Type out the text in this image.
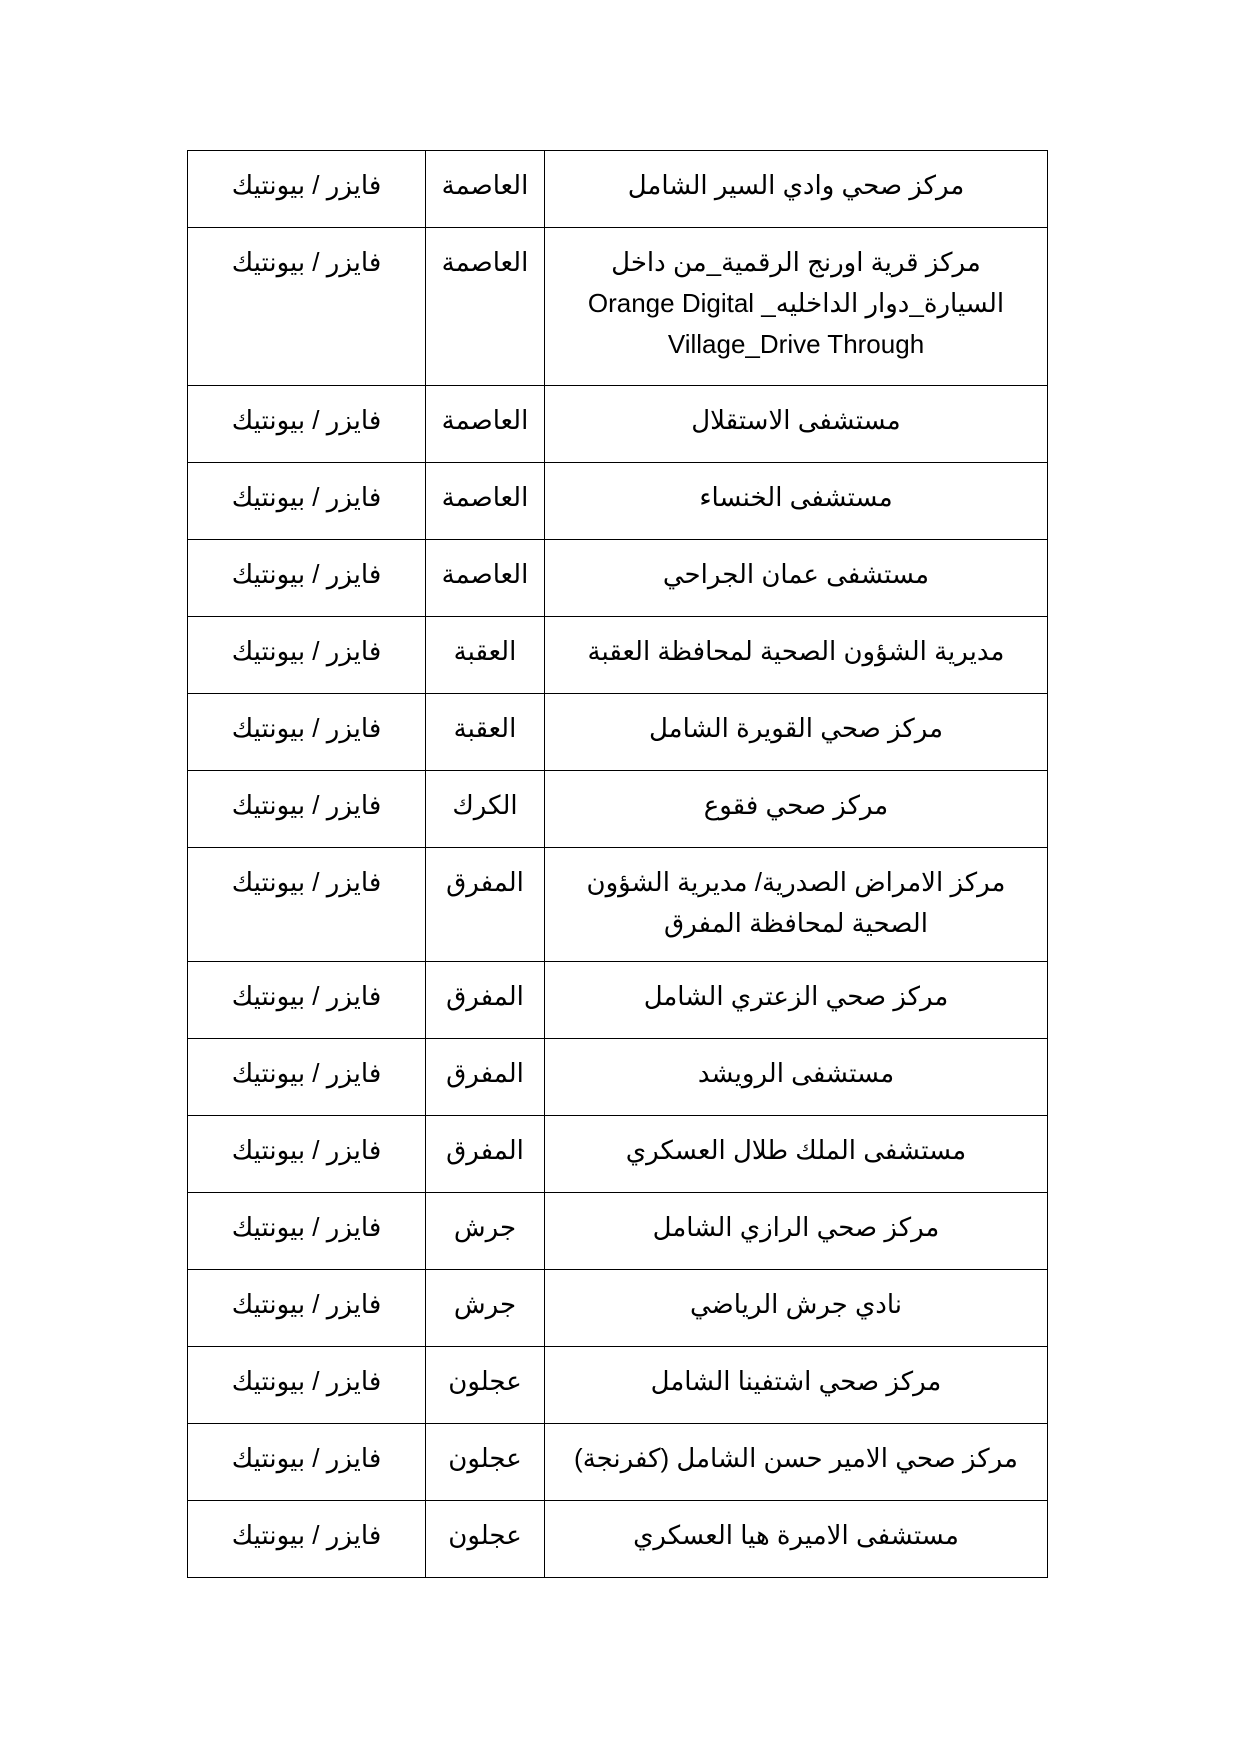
مركز صحي وادي السير الشامل	العاصمة	فايزر / بيونتيك
مركز قرية اورنج الرقمية_من داخل السيارة_دوار الداخليه_ Orange Digital Village_Drive Through	العاصمة	فايزر / بيونتيك
مستشفى الاستقلال	العاصمة	فايزر / بيونتيك
مستشفى الخنساء	العاصمة	فايزر / بيونتيك
مستشفى عمان الجراحي	العاصمة	فايزر / بيونتيك
مديرية الشؤون الصحية لمحافظة العقبة	العقبة	فايزر / بيونتيك
مركز صحي القويرة الشامل	العقبة	فايزر / بيونتيك
مركز صحي فقوع	الكرك	فايزر / بيونتيك
مركز الامراض الصدرية/ مديرية الشؤون الصحية لمحافظة المفرق	المفرق	فايزر / بيونتيك
مركز صحي الزعتري الشامل	المفرق	فايزر / بيونتيك
مستشفى الرويشد	المفرق	فايزر / بيونتيك
مستشفى الملك طلال العسكري	المفرق	فايزر / بيونتيك
مركز صحي الرازي الشامل	جرش	فايزر / بيونتيك
نادي جرش الرياضي	جرش	فايزر / بيونتيك
مركز صحي اشتفينا الشامل	عجلون	فايزر / بيونتيك
مركز صحي الامير حسن الشامل (كفرنجة)	عجلون	فايزر / بيونتيك
مستشفى الاميرة هيا العسكري	عجلون	فايزر / بيونتيك
